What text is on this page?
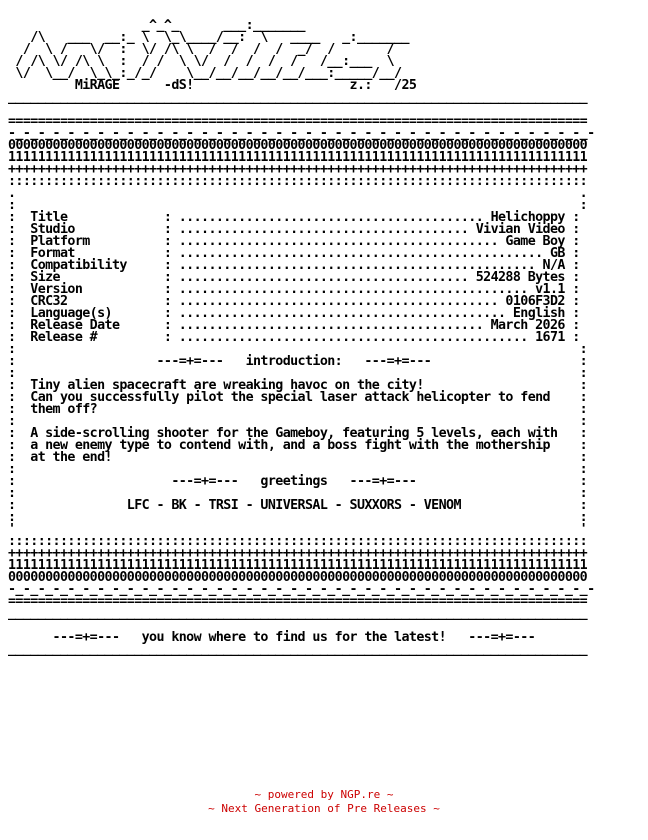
_^_^_      ___:_______
/\   ___  __:_ \  \_\____/__:  \   ____   _:_______
/  \ /   \/  :  \/ /\ \  /  /  /  /  _/  /       /
/ /\ \/ /\ \  :  / /  \ \/  /  /  /  /   /__:___  \
\/  \__/  \_\_:_/_/    \__/__/__/__/__/___:_____/__/
MiRAGE      -dS!                     z.:   /25
______________________________________________________________________________

==============================================================================
-_-_-_-_-_-_-_-_-_-_-_-_-_-_-_-_-_-_-_-_-_-_-_-_-_-_-_-_-_-_-_-_-_-_-_-_-_-_-_-
000000000000000000000000000000000000000000000000000000000000000000000000000000
111111111111111111111111111111111111111111111111111111111111111111111111111111
++++++++++++++++++++++++++++++++++++++++++++++++++++++++++++++++++++++++++++++
::::::::::::::::::::::::::::::::::::::::::::::::::::::::::::::::::::::::::::::
.                                                                            .
:                                                                            :
:  Title             : ......................................... Helichoppy :
:  Studio            : ....................................... Vivian Video :
:  Platform          : ........................................... Game Boy :
:  Format            : ................................................. GB :
:  Compatibility     : ................................................ N/A :
:  Size              : ....................................... 524288 Bytes :
:  Version           : ............................................... v1.1 :
:  CRC32             : ........................................... 0106F3D2 :
:  Language(s)       : ............................................ English :
:  Release Date      : ......................................... March 2026 :
:  Release #         : ............................................... 1671 :
:                                                                            :
:                   ---=+=---   introduction:   ---=+=---                    :
:                                                                            :
:  Tiny alien spacecraft are wreaking havoc on the city!                     :
:  Can you successfully pilot the special laser attack helicopter to fend    :
:  them off?                                                                 :
:                                                                            :
:  A side-scrolling shooter for the Gameboy, featuring 5 levels, each with   :
:  a new enemy type to contend with, and a boss fight with the mothership    :
:  at the end!                                                               :
:                                                                            :
:                     ---=+=---   greetings   ---=+=---                      :
:                                                                            :
:               LFC - BK - TRSI - UNIVERSAL - SUXXORS - VENOM                :
:                                                                            :
'                                                                            '
::::::::::::::::::::::::::::::::::::::::::::::::::::::::::::::::::::::::::::::
++++++++++++++++++++++++++++++++++++++++++++++++++++++++++++++++++++++++++++++
111111111111111111111111111111111111111111111111111111111111111111111111111111
000000000000000000000000000000000000000000000000000000000000000000000000000000
-_-_-_-_-_-_-_-_-_-_-_-_-_-_-_-_-_-_-_-_-_-_-_-_-_-_-_-_-_-_-_-_-_-_-_-_-_-_-_-
==============================================================================
______________________________________________________________________________

---=+=---   you know where to find us for the latest!   ---=+=---
______________________________________________________________________________
~ powered by NGP.re ~
~ Next Generation of Pre Releases ~
